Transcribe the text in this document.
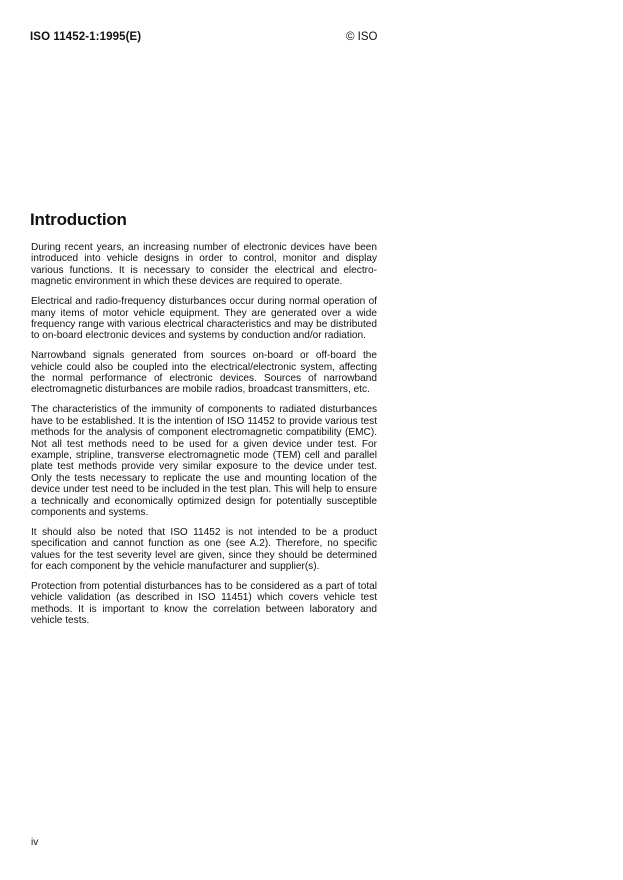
ISO 11452-1:1995(E)	© ISO
Introduction

During recent years, an increasing number of electronic devices have been introduced into vehicle designs in order to control, monitor and display various functions. It is necessary to consider the electrical and electromagnetic environment in which these devices are required to operate.

Electrical and radio-frequency disturbances occur during normal operation of many items of motor vehicle equipment. They are generated over a wide frequency range with various electrical characteristics and may be distributed to on-board electronic devices and systems by conduction and/or radiation.

Narrowband signals generated from sources on-board or off-board the vehicle could also be coupled into the electrical/electronic system, affecting the normal performance of electronic devices. Sources of narrowband electromagnetic disturbances are mobile radios, broadcast transmitters, etc.

The characteristics of the immunity of components to radiated disturbances have to be established. It is the intention of ISO 11452 to provide various test methods for the analysis of component electromagnetic compatibility (EMC). Not all test methods need to be used for a given device under test. For example, stripline, transverse electromagnetic mode (TEM) cell and parallel plate test methods provide very similar exposure to the device under test. Only the tests necessary to replicate the use and mounting location of the device under test need to be included in the test plan. This will help to ensure a technically and economically optimized design for potentially susceptible components and systems.

It should also be noted that ISO 11452 is not intended to be a product specification and cannot function as one (see A.2). Therefore, no specific values for the test severity level are given, since they should be determined for each component by the vehicle manufacturer and supplier(s).

Protection from potential disturbances has to be considered as a part of total vehicle validation (as described in ISO 11451) which covers vehicle test methods. It is important to know the correlation between laboratory and vehicle tests.

iv
